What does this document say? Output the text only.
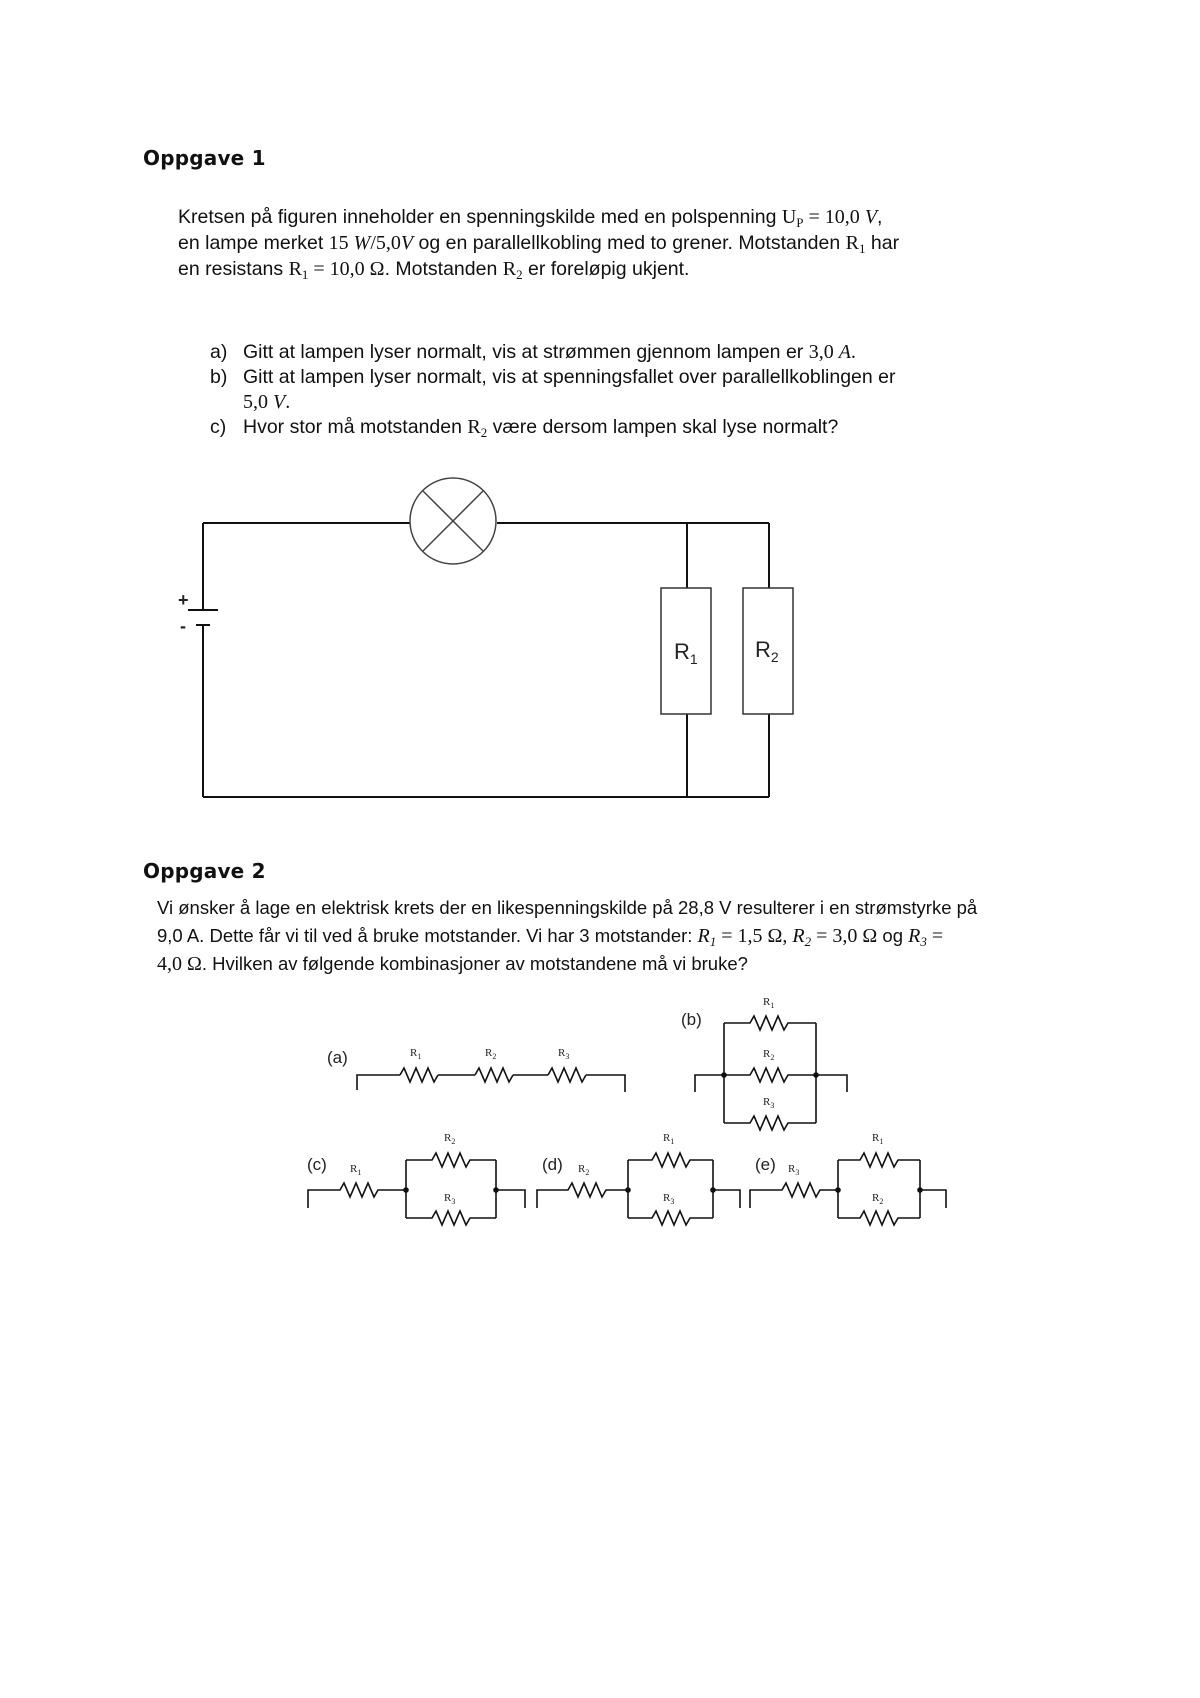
Oppgave 1

Kretsen på figuren inneholder en spenningskilde med en polspenning $U_P = 10,0$ V,

en lampe merket 15 W/5,0V og en parallellkobling med to grener. Motstanden $R_1$ har

en resistans $R_1 = 10,0$ Ω. Motstanden $R_2$ er foreløpig ukjent.

a) Gitt at lampen lyser normalt, vis at strømmen gjennom lampen er 3,0 A.
b) Gitt at lampen lyser normalt, vis at spenningsfallet over parallellkoblingen er
5,0 V.
c) Hvor stor må motstanden $R_2$ være dersom lampen skal lyse normalt?
+
-
$R_1$	$R_2$
Oppgave 2

Vi ønsker å lage en elektrisk krets der en likespenningskilde på 28,8 V resulterer i en strømstyrke på

9,0 A. Dette får vi til ved å bruke motstander. Vi har 3 motstander: $R_1 = 1,5$ Ω, $R_2 = 3,0$ Ω og $R_3$ =

4,0 Ω. Hvilken av følgende kombinasjoner av motstandene må vi bruke?

(a)
(b)
(c)	(d)	(e)
$R_1$	$R_2$	$R_3$
$R_1$
$R_2$
$R_3$
$R_1$
$R_2$
$R_3$
$R_2$
$R_1$
$R_3$
$R_3$
$R_1$
$R_2$
